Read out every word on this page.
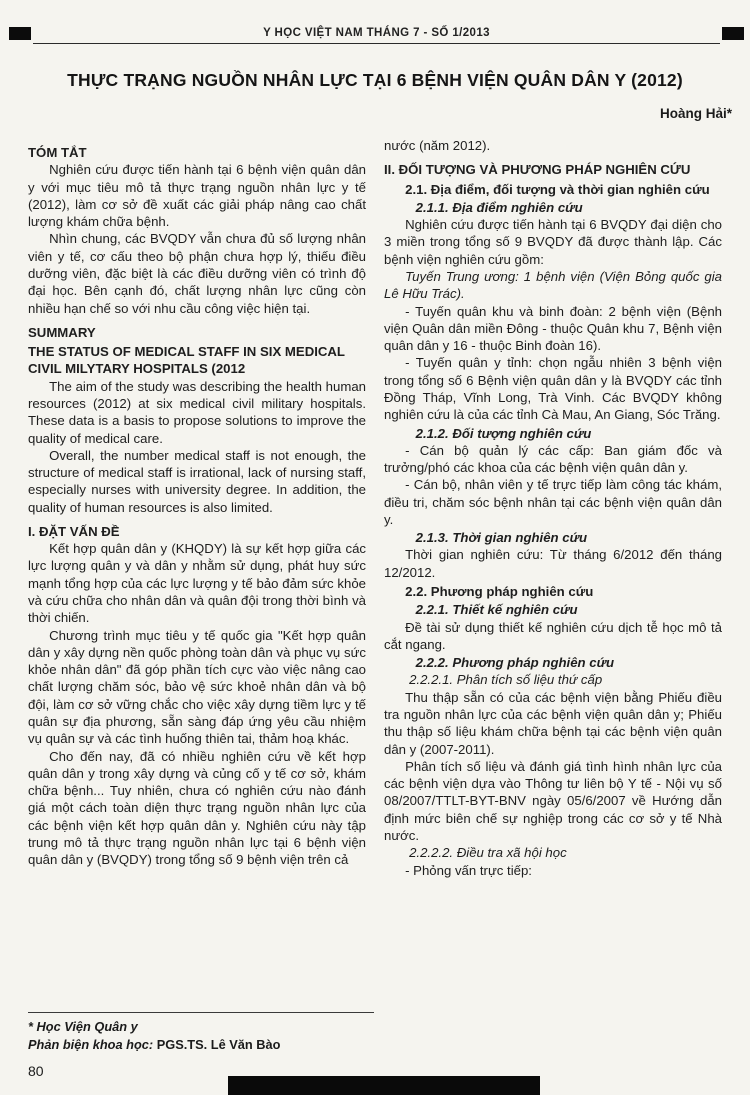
Y HỌC VIỆT NAM THÁNG 7 - SỐ 1/2013
THỰC TRẠNG NGUỒN NHÂN LỰC TẠI 6 BỆNH VIỆN QUÂN DÂN Y (2012)
Hoàng Hải*
TÓM TẮT
Nghiên cứu được tiến hành tại 6 bệnh viện quân dân y với mục tiêu mô tả thực trạng nguồn nhân lực y tế (2012), làm cơ sở đề xuất các giải pháp nâng cao chất lượng khám chữa bệnh.
Nhìn chung, các BVQDY vẫn chưa đủ số lượng nhân viên y tế, cơ cấu theo bộ phận chưa hợp lý, thiếu điều dưỡng viên, đặc biệt là các điều dưỡng viên có trình độ đại học. Bên cạnh đó, chất lượng nhân lực cũng còn nhiều hạn chế so với nhu cầu công việc hiện tại.
SUMMARY
THE STATUS OF MEDICAL STAFF IN SIX MEDICAL CIVIL MILYTARY HOSPITALS (2012
The aim of the study was describing the health human resources (2012) at six medical civil military hospitals. These data is a basis to propose solutions to improve the quality of medical care.
Overall, the number medical staff is not enough, the structure of medical staff is irrational, lack of nursing staff, especially nurses with university degree. In addition, the quality of human resources is also limited.
I. ĐẶT VẤN ĐỀ
Kết hợp quân dân y (KHQDY) là sự kết hợp giữa các lực lượng quân y và dân y nhằm sử dụng, phát huy sức mạnh tổng hợp của các lực lượng y tế bảo đảm sức khỏe và cứu chữa cho nhân dân và quân đội trong thời bình và thời chiến.
Chương trình mục tiêu y tế quốc gia "Kết hợp quân dân y xây dựng nền quốc phòng toàn dân và phục vụ sức khỏe nhân dân" đã góp phần tích cực vào việc nâng cao chất lượng chăm sóc, bảo vệ sức khoẻ nhân dân và bộ đội, làm cơ sở vững chắc cho việc xây dựng tiềm lực y tế quân sự địa phương, sẵn sàng đáp ứng yêu cầu nhiệm vụ quân sự và các tình huống thiên tai, thảm hoạ khác.
Cho đến nay, đã có nhiều nghiên cứu về kết hợp quân dân y trong xây dựng và củng cố y tế cơ sở, khám chữa bệnh... Tuy nhiên, chưa có nghiên cứu nào đánh giá một cách toàn diện thực trạng nguồn nhân lực của các bệnh viện kết hợp quân dân y. Nghiên cứu này tập trung mô tả thực trạng nguồn nhân lực tại 6 bệnh viện quân dân y (BVQDY) trong tổng số 9 bệnh viện trên cả
nước (năm 2012).
II. ĐỐI TƯỢNG VÀ PHƯƠNG PHÁP NGHIÊN CỨU
2.1. Địa điểm, đối tượng và thời gian nghiên cứu
2.1.1. Địa điểm nghiên cứu
Nghiên cứu được tiến hành tại 6 BVQDY đại diện cho 3 miền trong tổng số 9 BVQDY đã được thành lập. Các bệnh viện nghiên cứu gồm:
Tuyến Trung ương: 1 bệnh viện (Viện Bỏng quốc gia Lê Hữu Trác).
- Tuyến quân khu và binh đoàn: 2 bệnh viện (Bệnh viện Quân dân miền Đông - thuộc Quân khu 7, Bệnh viện quân dân y 16 - thuộc Binh đoàn 16).
- Tuyến quân y tỉnh: chọn ngẫu nhiên 3 bệnh viện trong tổng số 6 Bệnh viện quân dân y là BVQDY các tỉnh Đồng Tháp, Vĩnh Long, Trà Vinh. Các BVQDY không nghiên cứu là của các tỉnh Cà Mau, An Giang, Sóc Trăng.
2.1.2. Đối tượng nghiên cứu
- Cán bộ quản lý các cấp: Ban giám đốc và trưởng/phó các khoa của các bệnh viện quân dân y.
- Cán bộ, nhân viên y tế trực tiếp làm công tác khám, điều tri, chăm sóc bệnh nhân tại các bệnh viện quân dân y.
2.1.3. Thời gian nghiên cứu
Thời gian nghiên cứu: Từ tháng 6/2012 đến tháng 12/2012.
2.2. Phương pháp nghiên cứu
2.2.1. Thiết kế nghiên cứu
Đề tài sử dụng thiết kế nghiên cứu dịch tễ học mô tả cắt ngang.
2.2.2. Phương pháp nghiên cứu
2.2.2.1. Phân tích số liệu thứ cấp
Thu thập sẵn có của các bệnh viện bằng Phiếu điều tra nguồn nhân lực của các bệnh viện quân dân y; Phiếu thu thập số liệu khám chữa bệnh tại các bệnh viện quân dân y (2007-2011).
Phân tích số liệu và đánh giá tình hình nhân lực của các bệnh viện dựa vào Thông tư liên bộ Y tế - Nội vụ số 08/2007/TTLT-BYT-BNV ngày 05/6/2007 về Hướng dẫn định mức biên chế sự nghiệp trong các cơ sở y tế Nhà nước.
2.2.2.2. Điều tra xã hội học
- Phỏng vấn trực tiếp:
* Học Viện Quân y
Phản biện khoa học: PGS.TS. Lê Văn Bào
80
